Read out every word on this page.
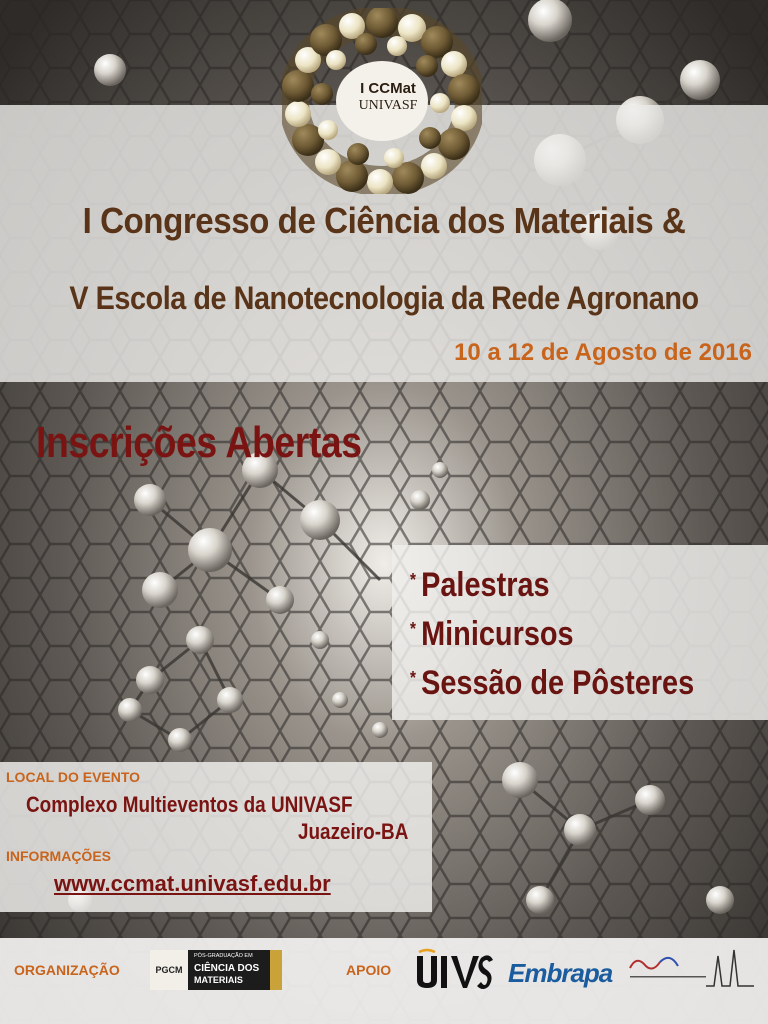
I CCMat
UNIVASF
I Congresso de Ciência dos Materiais &
V Escola de Nanotecnologia da Rede Agronano
10 a 12 de Agosto de 2016
Inscrições Abertas
* Palestras
* Minicursos
* Sessão de Pôsteres
LOCAL DO EVENTO
Complexo Multieventos da UNIVASF
Juazeiro-BA
INFORMAÇÕES
www.ccmat.univasf.edu.br
ORGANIZAÇÃO	PGCM
PÓS-GRADUAÇÃO EM
CIÊNCIA DOS
MATERIAIS
APOIO	Embrapa
